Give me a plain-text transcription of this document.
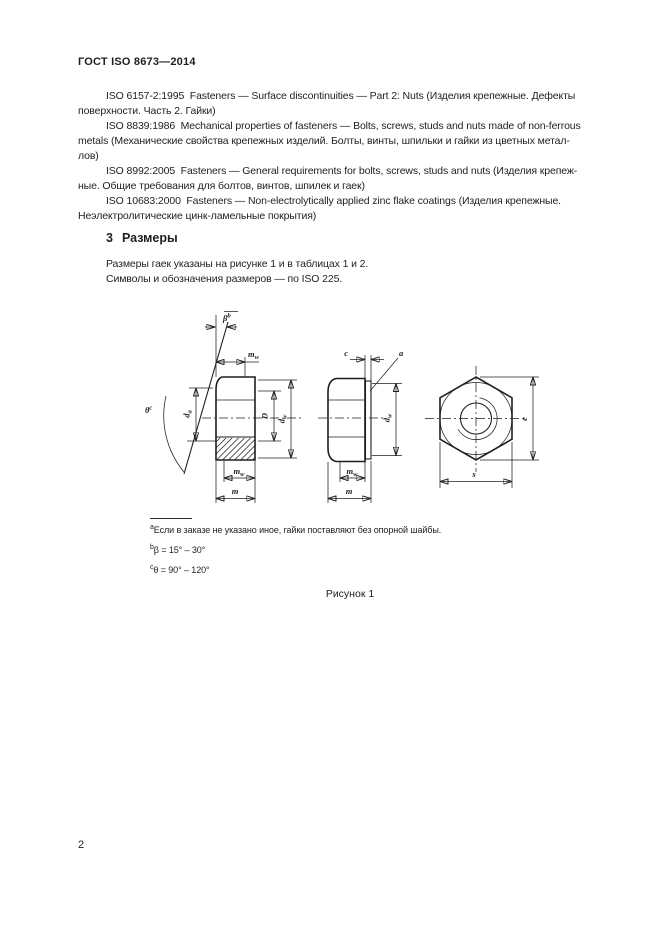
ГОСТ ISO 8673—2014
ISO 6157-2:1995  Fasteners — Surface discontinuities — Part 2: Nuts (Изделия крепежные. Дефекты
поверхности. Часть 2. Гайки)
ISO 8839:1986  Mechanical properties of fasteners — Bolts, screws, studs and nuts made of non-ferrous
metals (Механические свойства крепежных изделий. Болты, винты, шпильки и гайки из цветных метал-
лов)
ISO 8992:2005  Fasteners — General requirements for bolts, screws, studs and nuts (Изделия крепеж-
ные. Общие требования для болтов, винтов, шпилек и гаек)
ISO 10683:2000  Fasteners — Non-electrolytically applied zinc flake coatings (Изделия крепежные.
Неэлектролитические цинк-ламельные покрытия)
3 Размеры
Размеры гаек указаны на рисунке 1 и в таблицах 1 и 2.
Символы и обозначения размеров — по ISO 225.
$\beta^b$
$m_w$
$d_a$
D
$d_w$
$\theta^c$
$m_w$
m
c	a
$d_w$
$m_w$
m
e
s
$^a$Если в заказе не указано иное, гайки поставляют без опорной шайбы.
$^b$β = 15° – 30°
$^c$θ = 90° – 120°
Рисунок 1
2
